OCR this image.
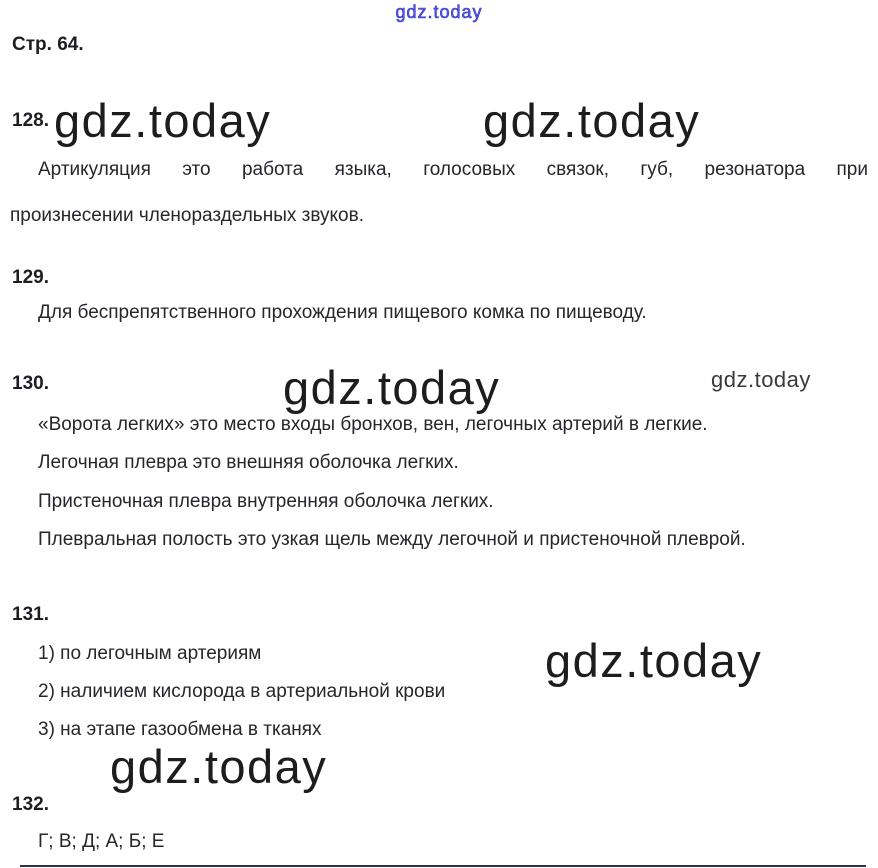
gdz.today
Стр. 64.
128. gdz.today	gdz.today
Артикуляция это работа языка, голосовых связок, губ, резонатора при
произнесении членораздельных звуков.
129.
Для беспрепятственного прохождения пищевого комка по пищеводу.
130.	gdz.today	gdz.today
«Ворота легких» это место входы бронхов, вен, легочных артерий в легкие.
Легочная плевра это внешняя оболочка легких.
Пристеночная плевра внутренняя оболочка легких.
Плевральная полость это узкая щель между легочной и пристеночной плеврой.
131.
gdz.today
1) по легочным артериям
2) наличием кислорода в артериальной крови
3) на этапе газообмена в тканях
gdz.today
132.
Г; В; Д; А; Б; Е
